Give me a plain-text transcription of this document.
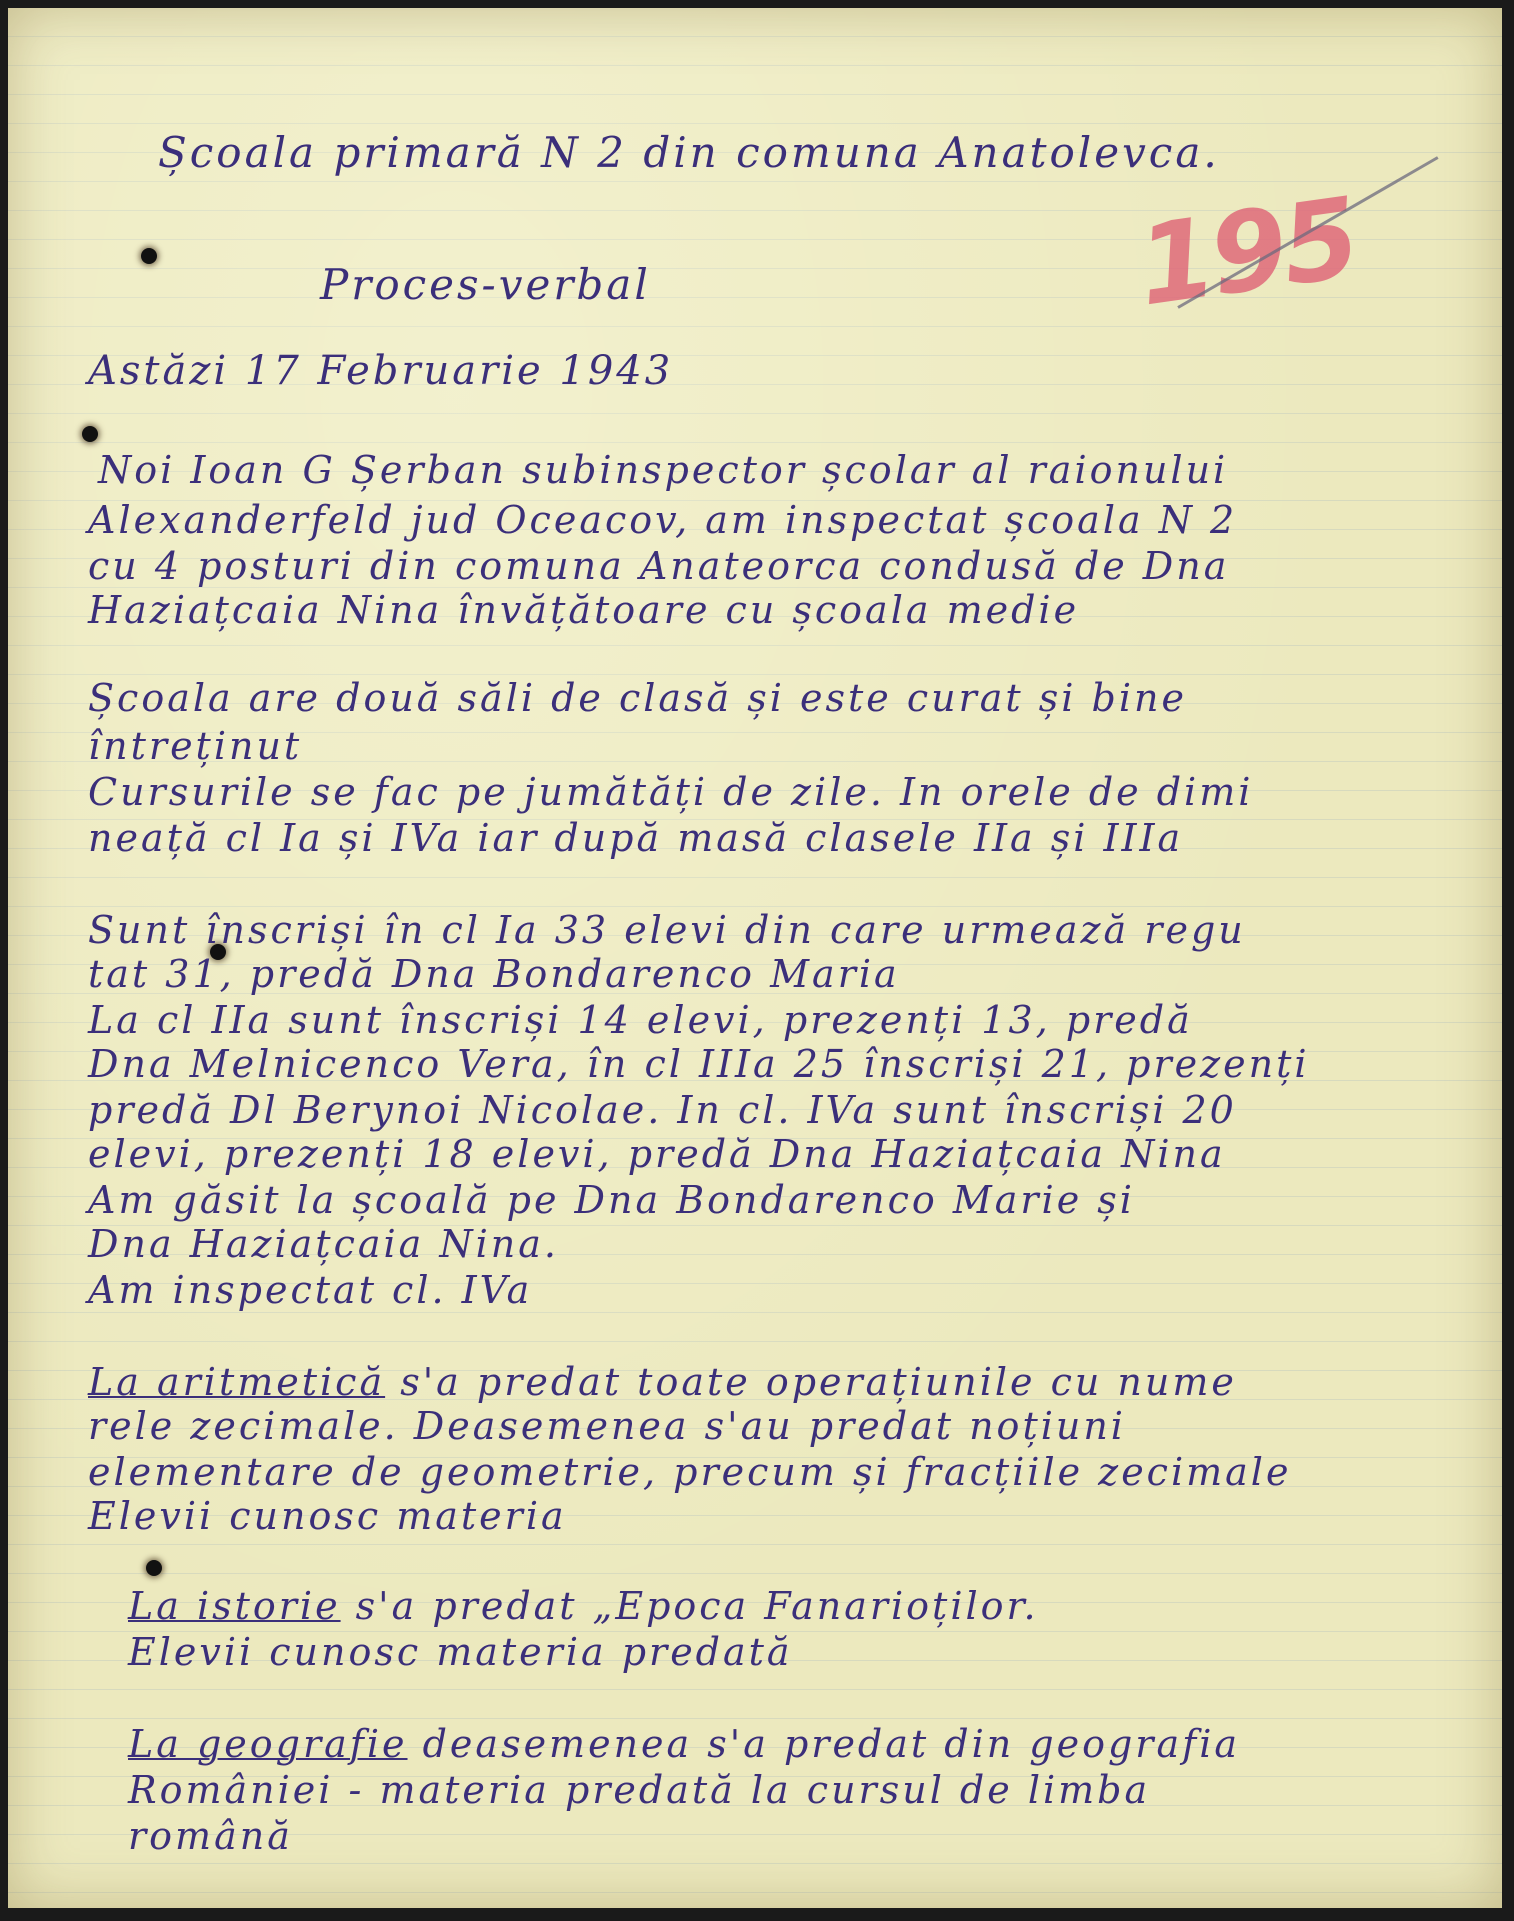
Școala primară N 2 din comuna Anatolevca.
Proces-verbal	195
Astăzi 17 Februarie 1943
Noi Ioan G Șerban subinspector școlar al raionului
Alexanderfeld jud Oceacov, am inspectat școala N 2
cu 4 posturi din comuna Anateorca condusă de Dna
Haziațcaia Nina învățătoare cu școala medie
Școala are două săli de clasă și este curat și bine
întreținut
Cursurile se fac pe jumătăți de zile. In orele de dimi
neață cl Ia și IVa iar după masă clasele IIa și IIIa
Sunt înscriși în cl Ia 33 elevi din care urmează regu
tat 31, predă Dna Bondarenco Maria
La cl IIa sunt înscriși 14 elevi, prezenți 13, predă
Dna Melnicenco Vera, în cl IIIa 25 înscriși 21, prezenți
predă Dl Berynoi Nicolae. In cl. IVa sunt înscriși 20
elevi, prezenți 18 elevi, predă Dna Haziațcaia Nina
Am găsit la școală pe Dna Bondarenco Marie și
Dna Haziațcaia Nina.
Am inspectat cl. IVa
La aritmetică s'a predat toate operațiunile cu nume
rele zecimale. Deasemenea s'au predat noțiuni
elementare de geometrie, precum și fracțiile zecimale
Elevii cunosc materia
La istorie s'a predat „Epoca Fanarioților.
Elevii cunosc materia predată
La geografie deasemenea s'a predat din geografia
României - materia predată la cursul de limba
română
